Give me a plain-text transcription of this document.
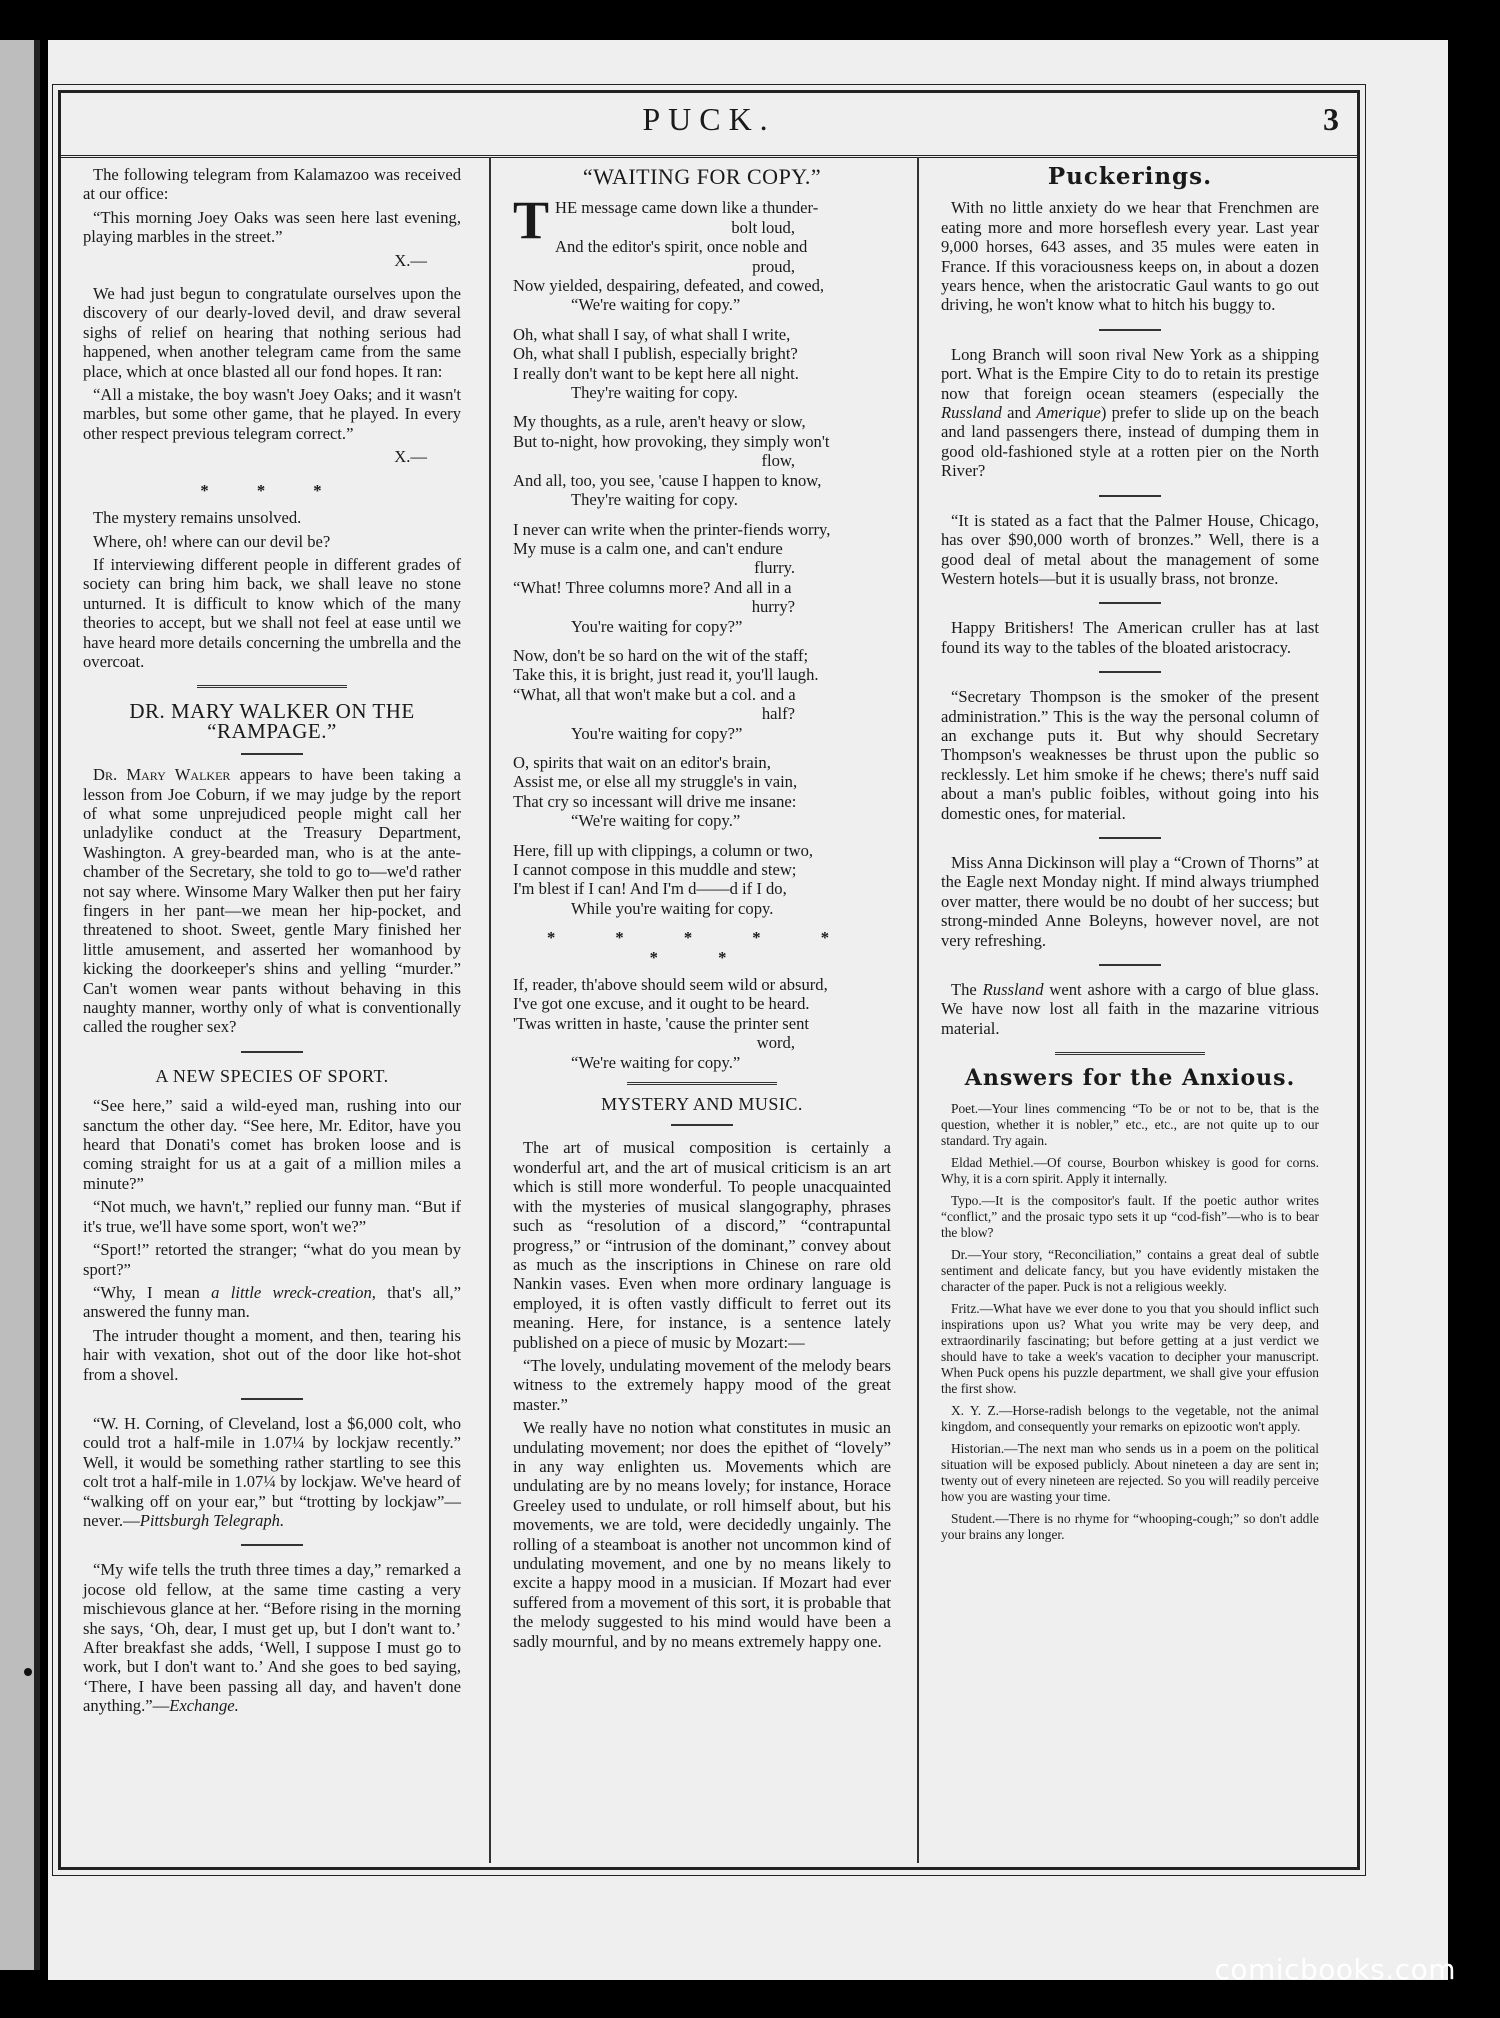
PUCK.	3

The following telegram from Kalamazoo was received at our office:

“This morning Joey Oaks was seen here last evening, playing marbles in the street.”

X.—

We had just begun to congratulate ourselves upon the discovery of our dearly-loved devil, and draw several sighs of relief on hearing that nothing serious had happened, when another telegram came from the same place, which at once blasted all our fond hopes. It ran:

“All a mistake, the boy wasn't Joey Oaks; and it wasn't marbles, but some other game, that he played. In every other respect previous telegram correct.”

X.—

* * *

The mystery remains unsolved.

Where, oh! where can our devil be?

If interviewing different people in different grades of society can bring him back, we shall leave no stone unturned. It is difficult to know which of the many theories to accept, but we shall not feel at ease until we have heard more details concerning the umbrella and the overcoat.

DR. MARY WALKER ON THE “RAMPAGE.”

Dr. Mary Walker appears to have been taking a lesson from Joe Coburn, if we may judge by the report of what some unprejudiced people might call her unladylike conduct at the Treasury Department, Washington. A grey-bearded man, who is at the ante-chamber of the Secretary, she told to go to—we'd rather not say where. Winsome Mary Walker then put her fairy fingers in her pant—we mean her hip-pocket, and threatened to shoot. Sweet, gentle Mary finished her little amusement, and asserted her womanhood by kicking the doorkeeper's shins and yelling “murder.” Can't women wear pants without behaving in this naughty manner, worthy only of what is conventionally called the rougher sex?

A NEW SPECIES OF SPORT.

“See here,” said a wild-eyed man, rushing into our sanctum the other day. “See here, Mr. Editor, have you heard that Donati's comet has broken loose and is coming straight for us at a gait of a million miles a minute?”

“Not much, we havn't,” replied our funny man. “But if it's true, we'll have some sport, won't we?”

“Sport!” retorted the stranger; “what do you mean by sport?”

“Why, I mean a little wreck-creation, that's all,” answered the funny man.

The intruder thought a moment, and then, tearing his hair with vexation, shot out of the door like hot-shot from a shovel.

“W. H. Corning, of Cleveland, lost a $6,000 colt, who could trot a half-mile in 1.07¼ by lockjaw recently.” Well, it would be something rather startling to see this colt trot a half-mile in 1.07¼ by lockjaw. We've heard of “walking off on your ear,” but “trotting by lockjaw”—never.—Pittsburgh Telegraph.

“My wife tells the truth three times a day,” remarked a jocose old fellow, at the same time casting a very mischievous glance at her. “Before rising in the morning she says, ‘Oh, dear, I must get up, but I don't want to.’ After breakfast she adds, ‘Well, I suppose I must go to work, but I don't want to.’ And she goes to bed saying, ‘There, I have been passing all day, and haven't done anything.”—Exchange.

“WAITING FOR COPY.”
T HE message came down like a thunder-
bolt loud,
And the editor's spirit, once noble and
proud,
Now yielded, despairing, defeated, and cowed,
“We're waiting for copy.”
Oh, what shall I say, of what shall I write,
Oh, what shall I publish, especially bright?
I really don't want to be kept here all night.
They're waiting for copy.
My thoughts, as a rule, aren't heavy or slow,
But to-night, how provoking, they simply won't
flow,
And all, too, you see, 'cause I happen to know,
They're waiting for copy.
I never can write when the printer-fiends worry,
My muse is a calm one, and can't endure
flurry.
“What! Three columns more? And all in a
hurry?
You're waiting for copy?”
Now, don't be so hard on the wit of the staff;
Take this, it is bright, just read it, you'll laugh.
“What, all that won't make but a col. and a
half?
You're waiting for copy?”
O, spirits that wait on an editor's brain,
Assist me, or else all my struggle's in vain,
That cry so incessant will drive me insane:
“We're waiting for copy.”
Here, fill up with clippings, a column or two,
I cannot compose in this muddle and stew;
I'm blest if I can! And I'm d——d if I do,
While you're waiting for copy.

* * * * * * *

If, reader, th'above should seem wild or absurd,
I've got one excuse, and it ought to be heard.
'Twas written in haste, 'cause the printer sent
word,
“We're waiting for copy.”
MYSTERY AND MUSIC.

The art of musical composition is certainly a wonderful art, and the art of musical criticism is an art which is still more wonderful. To people unacquainted with the mysteries of musical slangography, phrases such as “resolution of a discord,” “contrapuntal progress,” or “intrusion of the dominant,” convey about as much as the inscriptions in Chinese on rare old Nankin vases. Even when more ordinary language is employed, it is often vastly difficult to ferret out its meaning. Here, for instance, is a sentence lately published on a piece of music by Mozart:—

“The lovely, undulating movement of the melody bears witness to the extremely happy mood of the great master.”

We really have no notion what constitutes in music an undulating movement; nor does the epithet of “lovely” in any way enlighten us. Movements which are undulating are by no means lovely; for instance, Horace Greeley used to undulate, or roll himself about, but his movements, we are told, were decidedly ungainly. The rolling of a steamboat is another not uncommon kind of undulating movement, and one by no means likely to excite a happy mood in a musician. If Mozart had ever suffered from a movement of this sort, it is probable that the melody suggested to his mind would have been a sadly mournful, and by no means extremely happy one.

Puckerings.

With no little anxiety do we hear that Frenchmen are eating more and more horseflesh every year. Last year 9,000 horses, 643 asses, and 35 mules were eaten in France. If this voraciousness keeps on, in about a dozen years hence, when the aristocratic Gaul wants to go out driving, he won't know what to hitch his buggy to.

Long Branch will soon rival New York as a shipping port. What is the Empire City to do to retain its prestige now that foreign ocean steamers (especially the Russland and Amerique) prefer to slide up on the beach and land passengers there, instead of dumping them in good old-fashioned style at a rotten pier on the North River?

“It is stated as a fact that the Palmer House, Chicago, has over $90,000 worth of bronzes.” Well, there is a good deal of metal about the management of some Western hotels—but it is usually brass, not bronze.

Happy Britishers! The American cruller has at last found its way to the tables of the bloated aristocracy.

“Secretary Thompson is the smoker of the present administration.” This is the way the personal column of an exchange puts it. But why should Secretary Thompson's weaknesses be thrust upon the public so recklessly. Let him smoke if he chews; there's nuff said about a man's public foibles, without going into his domestic ones, for material.

Miss Anna Dickinson will play a “Crown of Thorns” at the Eagle next Monday night. If mind always triumphed over matter, there would be no doubt of her success; but strong-minded Anne Boleyns, however novel, are not very refreshing.

The Russland went ashore with a cargo of blue glass. We have now lost all faith in the mazarine vitrious material.

Answers for the Anxious.

Poet.—Your lines commencing “To be or not to be, that is the question, whether it is nobler,” etc., etc., are not quite up to our standard. Try again.

Eldad Methiel.—Of course, Bourbon whiskey is good for corns. Why, it is a corn spirit. Apply it internally.

Typo.—It is the compositor's fault. If the poetic author writes “conflict,” and the prosaic typo sets it up “cod-fish”—who is to bear the blow?

Dr.—Your story, “Reconciliation,” contains a great deal of subtle sentiment and delicate fancy, but you have evidently mistaken the character of the paper. Puck is not a religious weekly.

Fritz.—What have we ever done to you that you should inflict such inspirations upon us? What you write may be very deep, and extraordinarily fascinating; but before getting at a just verdict we should have to take a week's vacation to decipher your manuscript. When Puck opens his puzzle department, we shall give your effusion the first show.

X. Y. Z.—Horse-radish belongs to the vegetable, not the animal kingdom, and consequently your remarks on epizootic won't apply.

Historian.—The next man who sends us in a poem on the political situation will be exposed publicly. About nineteen a day are sent in; twenty out of every nineteen are rejected. So you will readily perceive how you are wasting your time.

Student.—There is no rhyme for “whooping-cough;” so don't addle your brains any longer.

comicbooks.com
